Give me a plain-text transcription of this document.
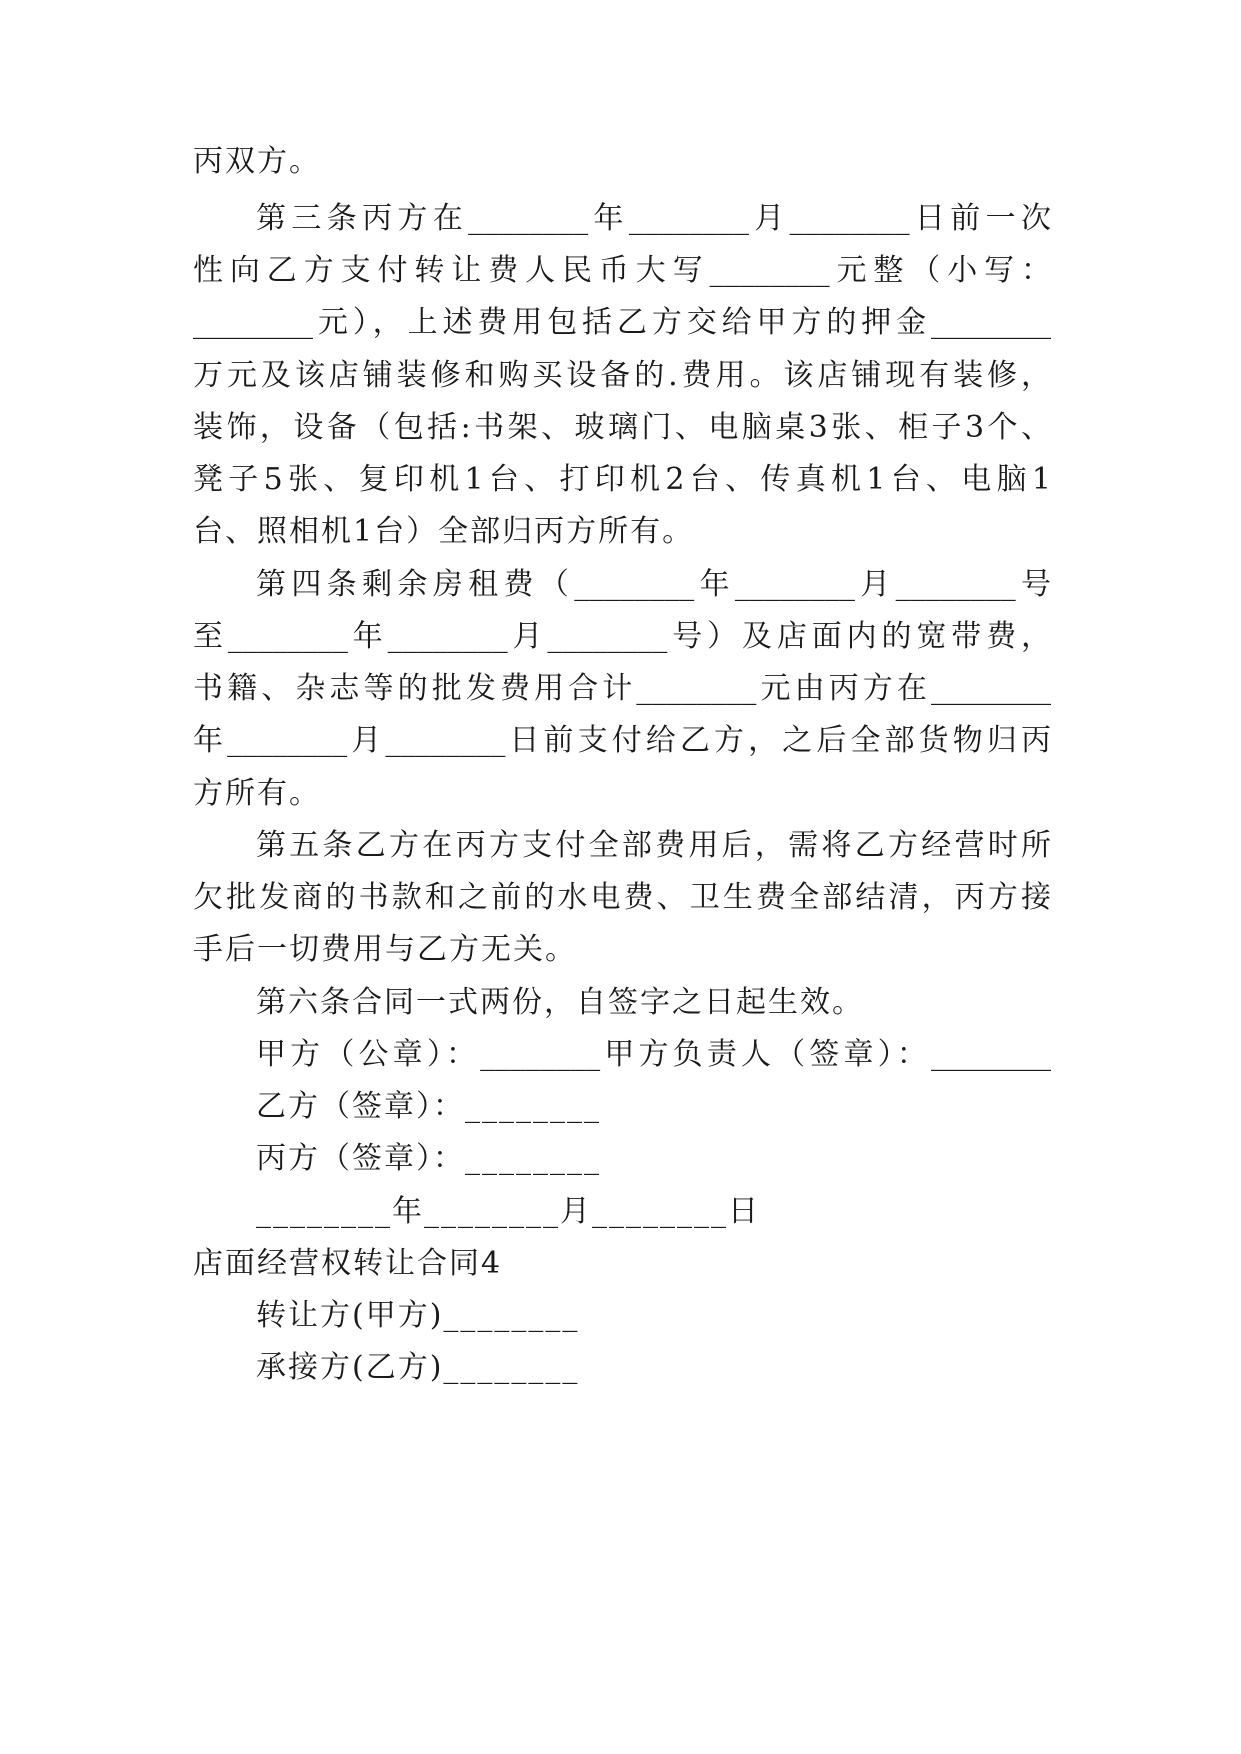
丙双方。
第三条丙方在________年________月________日前一次
性向乙方支付转让费人民币大写________元整（小写：
________元），上述费用包括乙方交给甲方的押金________
万元及该店铺装修和购买设备的.费用。该店铺现有装修，
装饰，设备（包括:书架、玻璃门、电脑桌3张、柜子3个、
凳子5张、复印机1台、打印机2台、传真机1台、电脑1
台、照相机1台）全部归丙方所有。
第四条剩余房租费（________年________月________号
至________年________月________号）及店面内的宽带费，
书籍、杂志等的批发费用合计________元由丙方在________
年________月________日前支付给乙方，之后全部货物归丙
方所有。
第五条乙方在丙方支付全部费用后，需将乙方经营时所
欠批发商的书款和之前的水电费、卫生费全部结清，丙方接
手后一切费用与乙方无关。
第六条合同一式两份，自签字之日起生效。
甲方（公章）：________甲方负责人（签章）：________
乙方（签章）：________
丙方（签章）：________
________年________月________日
店面经营权转让合同4
转让方(甲方)________
承接方(乙方)________
